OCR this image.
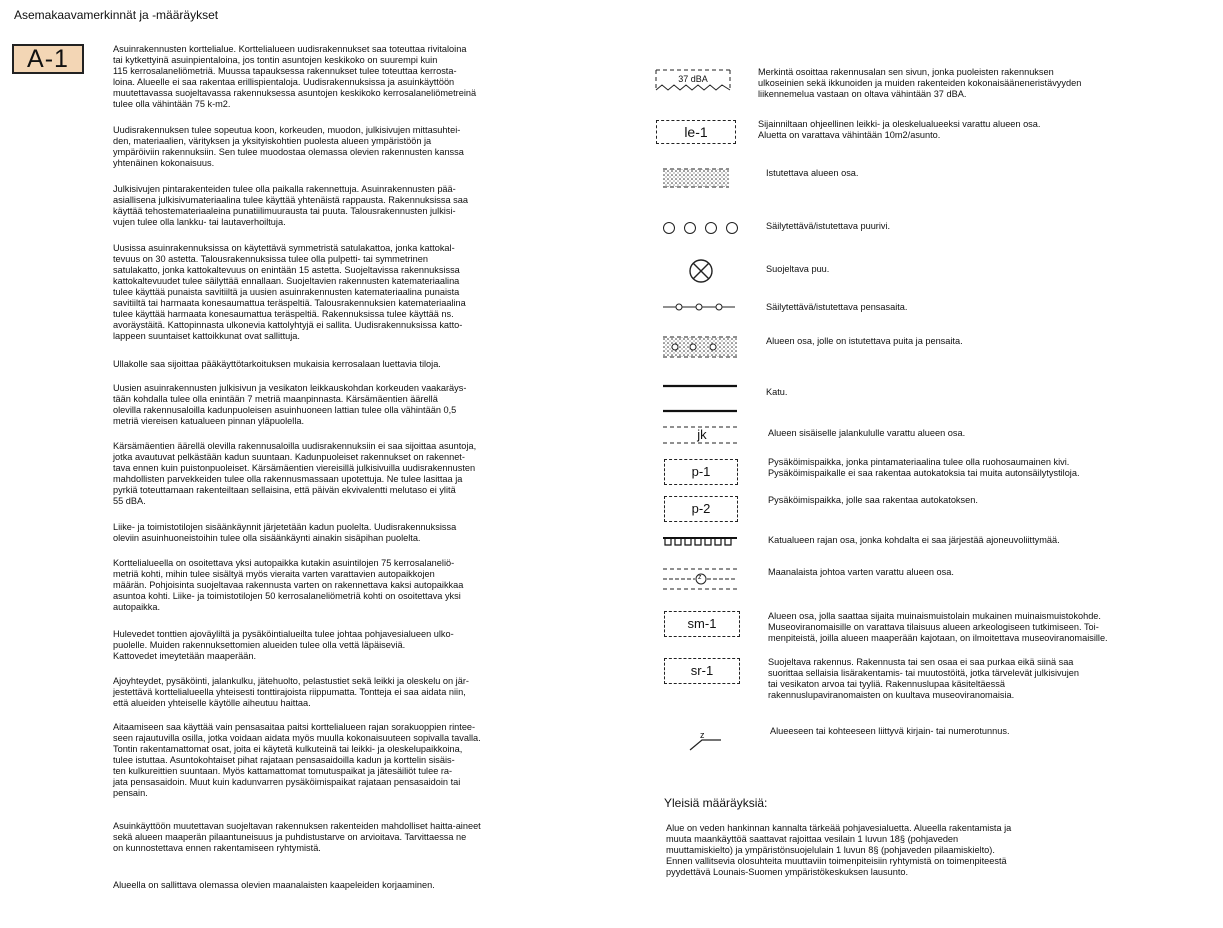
Asemakaavamerkinnät ja -määräykset
A-1	Asuinrakennusten korttelialue. Korttelialueen uudisrakennukset saa toteuttaa rivitaloina
tai kytkettyinä asuinpientaloina, jos tontin asuntojen keskikoko on suurempi kuin
115 kerrosalaneliömetriä. Muussa tapauksessa rakennukset tulee toteuttaa kerrosta-
loina. Alueelle ei saa rakentaa erillispientaloja. Uudisrakennuksissa ja asuinkäyttöön
muutettavassa suojeltavassa rakennuksessa asuntojen keskikoko kerrosalaneliömetreinä
tulee olla vähintään 75 k-m2.

Uudisrakennuksen tulee sopeutua koon, korkeuden, muodon, julkisivujen mittasuhtei-
den, materiaalien, värityksen ja yksityiskohtien puolesta alueen ympäristöön ja
ympäröiviin rakennuksiin. Sen tulee muodostaa olemassa olevien rakennusten kanssa
yhtenäinen kokonaisuus.

Julkisivujen pintarakenteiden tulee olla paikalla rakennettuja. Asuinrakennusten pää-
asiallisena julkisivumateriaalina tulee käyttää yhtenäistä rappausta. Rakennuksissa saa
käyttää tehostemateriaaleina punatiilimuurausta tai puuta. Talousrakennusten julkisi-
vujen tulee olla lankku- tai lautaverhoiltuja.

Uusissa asuinrakennuksissa on käytettävä symmetristä satulakattoa, jonka kattokal-
tevuus on 30 astetta. Talousrakennuksissa tulee olla pulpetti- tai symmetrinen
satulakatto, jonka kattokaltevuus on enintään 15 astetta. Suojeltavissa rakennuksissa
kattokaltevuudet tulee säilyttää ennallaan. Suojeltavien rakennusten katemateriaalina
tulee käyttää punaista savitiiltä ja uusien asuinrakennusten katemateriaalina punaista
savitiiltä tai harmaata konesaumattua teräspeltiä. Talousrakennuksien katemateriaalina
tulee käyttää harmaata konesaumattua teräspeltiä. Rakennuksissa tulee käyttää ns.
avoräystäitä. Kattopinnasta ulkonevia kattolyhtyjä ei sallita. Uudisrakennuksissa katto-
lappeen suuntaiset kattoikkunat ovat sallittuja.

Ullakolle saa sijoittaa pääkäyttötarkoituksen mukaisia kerrosalaan luettavia tiloja.

Uusien asuinrakennusten julkisivun ja vesikaton leikkauskohdan korkeuden vaakaräys-
tään kohdalla tulee olla enintään 7 metriä maanpinnasta. Kärsämäentien äärellä
olevilla rakennusaloilla kadunpuoleisen asuinhuoneen lattian tulee olla vähintään 0,5
metriä viereisen katualueen pinnan yläpuolella.

Kärsämäentien äärellä olevilla rakennusaloilla uudisrakennuksiin ei saa sijoittaa asuntoja,
jotka avautuvat pelkästään kadun suuntaan. Kadunpuoleiset rakennukset on rakennet-
tava ennen kuin puistonpuoleiset. Kärsämäentien viereisillä julkisivuilla uudisrakennusten
mahdollisten parvekkeiden tulee olla rakennusmassaan upotettuja. Ne tulee lasittaa ja
pyrkiä toteuttamaan rakenteiltaan sellaisina, että päivän ekvivalentti melutaso ei ylitä
55 dBA.

Liike- ja toimistotilojen sisäänkäynnit järjetetään kadun puolelta. Uudisrakennuksissa
oleviin asuinhuoneistoihin tulee olla sisäänkäynti ainakin sisäpihan puolelta.

Korttelialueella on osoitettava yksi autopaikka kutakin asuintilojen 75 kerrosalaneliö-
metriä kohti, mihin tulee sisältyä myös vieraita varten varattavien autopaikkojen
määrän. Pohjoisinta suojeltavaa rakennusta varten on rakennettava kaksi autopaikkaa
asuntoa kohti. Liike- ja toimistotilojen 50 kerrosalaneliömetriä kohti on osoitettava yksi
autopaikka.

Hulevedet tonttien ajoväyliltä ja pysäköintialueilta tulee johtaa pohjavesialueen ulko-
puolelle. Muiden rakennuksettomien alueiden tulee olla vettä läpäiseviä.
Kattovedet imeytetään maaperään.

Ajoyhteydet, pysäköinti, jalankulku, jätehuolto, pelastustiet sekä leikki ja oleskelu on jär-
jestettävä korttelialueella yhteisesti tonttirajoista riippumatta. Tontteja ei saa aidata niin,
että alueiden yhteiselle käytölle aiheutuu haittaa.

Aitaamiseen saa käyttää vain pensasaitaa paitsi korttelialueen rajan sorakuoppien rintee-
seen rajautuvilla osilla, jotka voidaan aidata myös muulla kokonaisuuteen sopivalla tavalla.
Tontin rakentamattomat osat, joita ei käytetä kulkuteinä tai leikki- ja oleskelupaikkoina,
tulee istuttaa. Asuntokohtaiset pihat rajataan pensasaidoilla kadun ja korttelin sisäis-
ten kulkureittien suuntaan. Myös kattamattomat tomutuspaikat ja jätesäiliöt tulee ra-
jata pensasaidoin. Muut kuin kadunvarren pysäköimispaikat rajataan pensasaidoin tai
pensain.

Asuinkäyttöön muutettavan suojeltavan rakennuksen rakenteiden mahdolliset haitta-aineet
sekä alueen maaperän pilaantuneisuus ja puhdistustarve on arvioitava. Tarvittaessa ne
on kunnostettava ennen rakentamiseen ryhtymistä.

Alueella on sallittava olemassa olevien maanalaisten kaapeleiden korjaaminen.

37 dBA
le-1
jk
p-1
p-2
z
sm-1
sr-1
z

Merkintä osoittaa rakennusalan sen sivun, jonka puoleisten rakennuksen
ulkoseinien sekä ikkunoiden ja muiden rakenteiden kokonaisääneneristävyyden
liikennemelua vastaan on oltava vähintään 37 dBA.

Sijainniltaan ohjeellinen leikki- ja oleskelualueeksi varattu alueen osa.
Aluetta on varattava vähintään 10m2/asunto.

Istutettava alueen osa.

Säilytettävä/istutettava puurivi.

Suojeltava puu.

Säilytettävä/istutettava pensasaita.

Alueen osa, jolle on istutettava puita ja pensaita.

Katu.

Alueen sisäiselle jalankululle varattu alueen osa.

Pysäköimispaikka, jonka pintamateriaalina tulee olla ruohosaumainen kivi.
Pysäköimispaikalle ei saa rakentaa autokatoksia tai muita autonsäilytystiloja.

Pysäköimispaikka, jolle saa rakentaa autokatoksen.

Katualueen rajan osa, jonka kohdalta ei saa järjestää ajoneuvoliittymää.

Maanalaista johtoa varten varattu alueen osa.

Alueen osa, jolla saattaa sijaita muinaismuistolain mukainen muinaismuistokohde.
Museoviranomaisille on varattava tilaisuus alueen arkeologiseen tutkimiseen. Toi-
menpiteistä, joilla alueen maaperään kajotaan, on ilmoitettava museoviranomaisille.

Suojeltava rakennus. Rakennusta tai sen osaa ei saa purkaa eikä siinä saa
suorittaa sellaisia lisärakentamis- tai muutostöitä, jotka tärvelevät julkisivujen
tai vesikaton arvoa tai tyyliä. Rakennuslupaa käsiteltäessä
rakennuslupaviranomaisten on kuultava museoviranomaisia.

Alueeseen tai kohteeseen liittyvä kirjain- tai numerotunnus.

Yleisiä määräyksiä:

Alue on veden hankinnan kannalta tärkeää pohjavesialuetta. Alueella rakentamista ja
muuta maankäyttöä saattavat rajoittaa vesilain 1 luvun 18§ (pohjaveden
muuttamiskielto) ja ympäristönsuojelulain 1 luvun 8§ (pohjaveden pilaamiskielto).
Ennen vallitsevia olosuhteita muuttaviin toimenpiteisiin ryhtymistä on toimenpiteestä
pyydettävä Lounais-Suomen ympäristökeskuksen lausunto.
